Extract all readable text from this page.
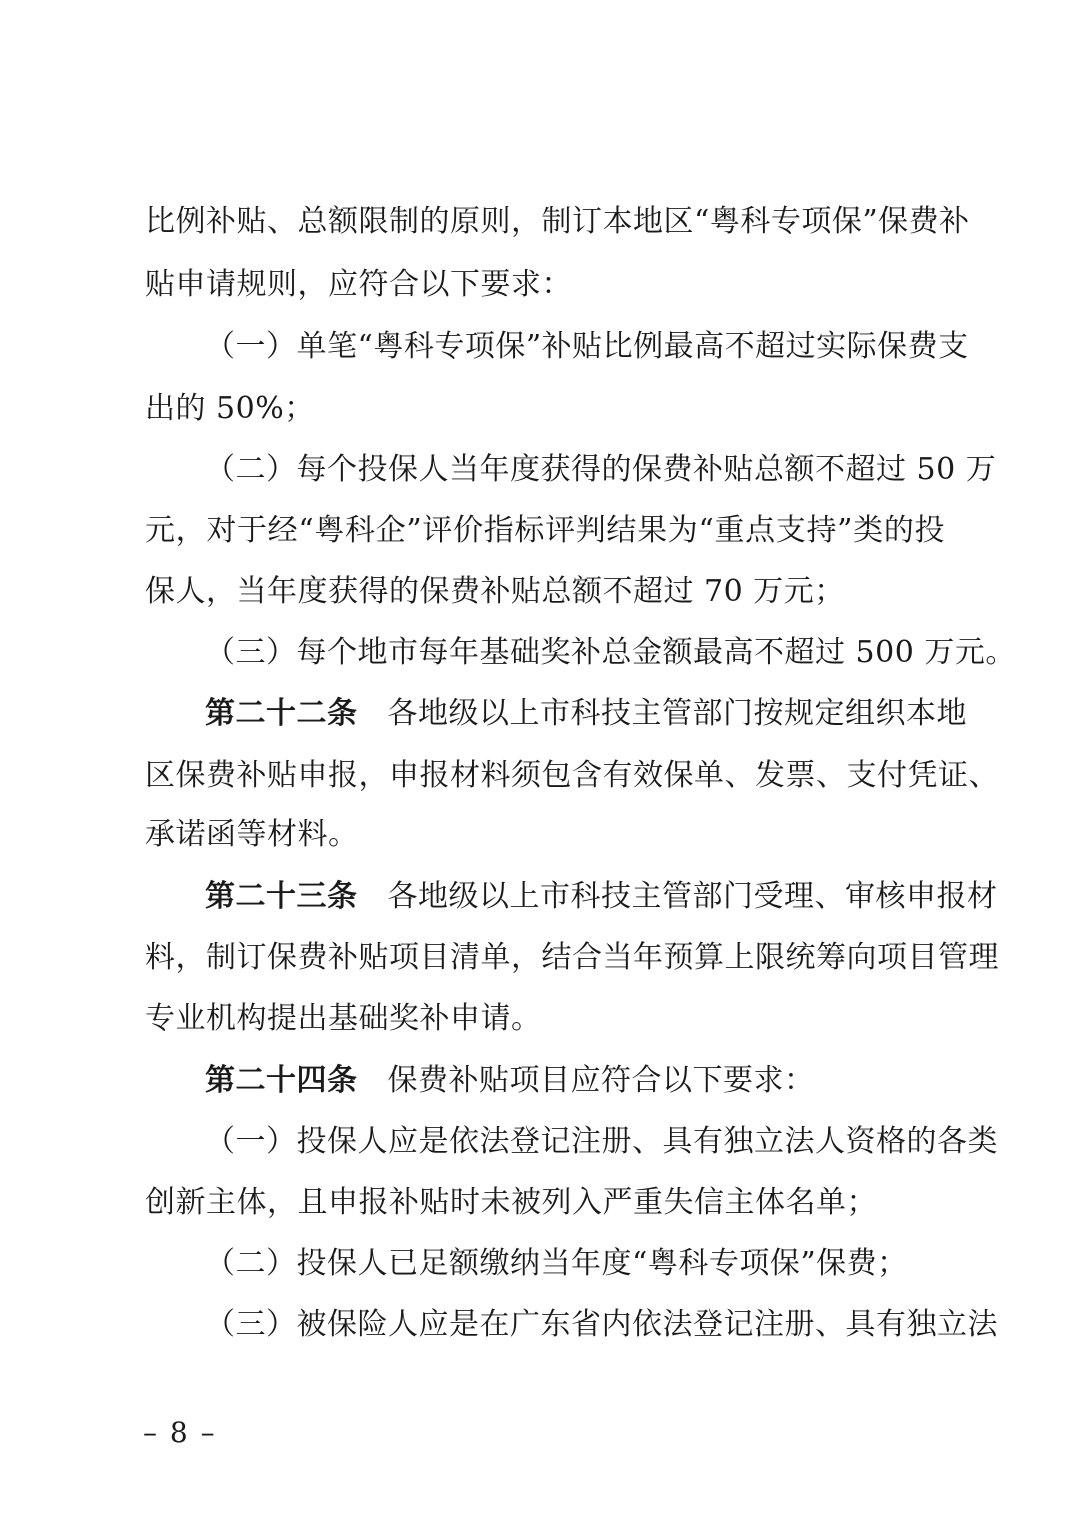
比例补贴、总额限制的原则，制订本地区“粤科专项保”保费补
贴申请规则，应符合以下要求：
（一）单笔“粤科专项保”补贴比例最高不超过实际保费支
出的 50%；
（二）每个投保人当年度获得的保费补贴总额不超过 50 万
元，对于经“粤科企”评价指标评判结果为“重点支持”类的投
保人，当年度获得的保费补贴总额不超过 70 万元；
（三）每个地市每年基础奖补总金额最高不超过 500 万元。
第二十二条 各地级以上市科技主管部门按规定组织本地
区保费补贴申报，申报材料须包含有效保单、发票、支付凭证、
承诺函等材料。
第二十三条 各地级以上市科技主管部门受理、审核申报材
料，制订保费补贴项目清单，结合当年预算上限统筹向项目管理
专业机构提出基础奖补申请。
第二十四条 保费补贴项目应符合以下要求：
（一）投保人应是依法登记注册、具有独立法人资格的各类
创新主体，且申报补贴时未被列入严重失信主体名单；
（二）投保人已足额缴纳当年度“粤科专项保”保费；
（三）被保险人应是在广东省内依法登记注册、具有独立法
– 8 –
